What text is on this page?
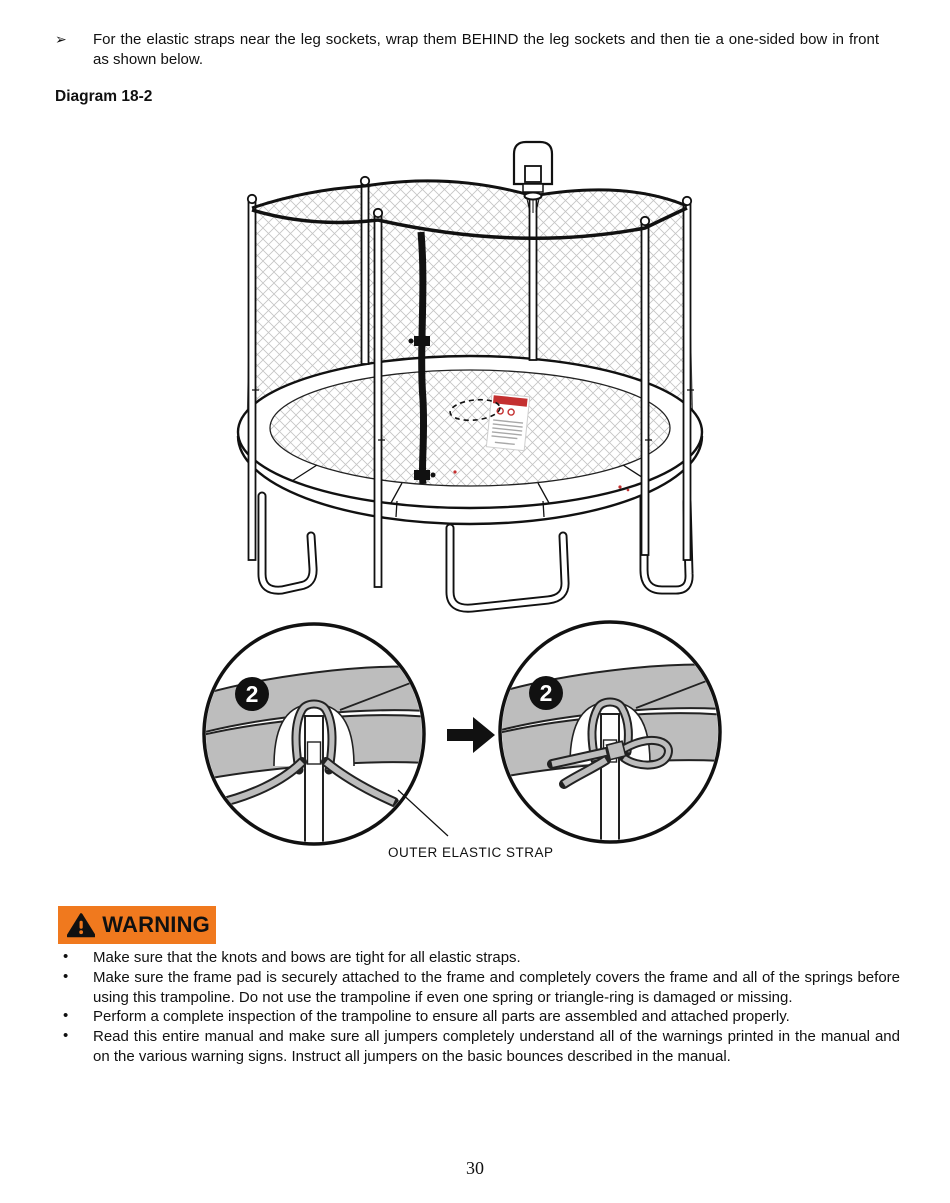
➢	For the elastic straps near the leg sockets, wrap them BEHIND the leg sockets and then tie a one-sided bow in front as shown below.

Diagram 18-2
2	2
OUTER ELASTIC STRAP
WARNING
• Make sure that the knots and bows are tight for all elastic straps.
• Make sure the frame pad is securely attached to the frame and completely covers the frame and all of the springs before using this trampoline. Do not use the trampoline if even one spring or triangle-ring is damaged or missing.
• Perform a complete inspection of the trampoline to ensure all parts are assembled and attached properly.
• Read this entire manual and make sure all jumpers completely understand all of the warnings printed in the manual and on the various warning signs. Instruct all jumpers on the basic bounces described in the manual.
30
